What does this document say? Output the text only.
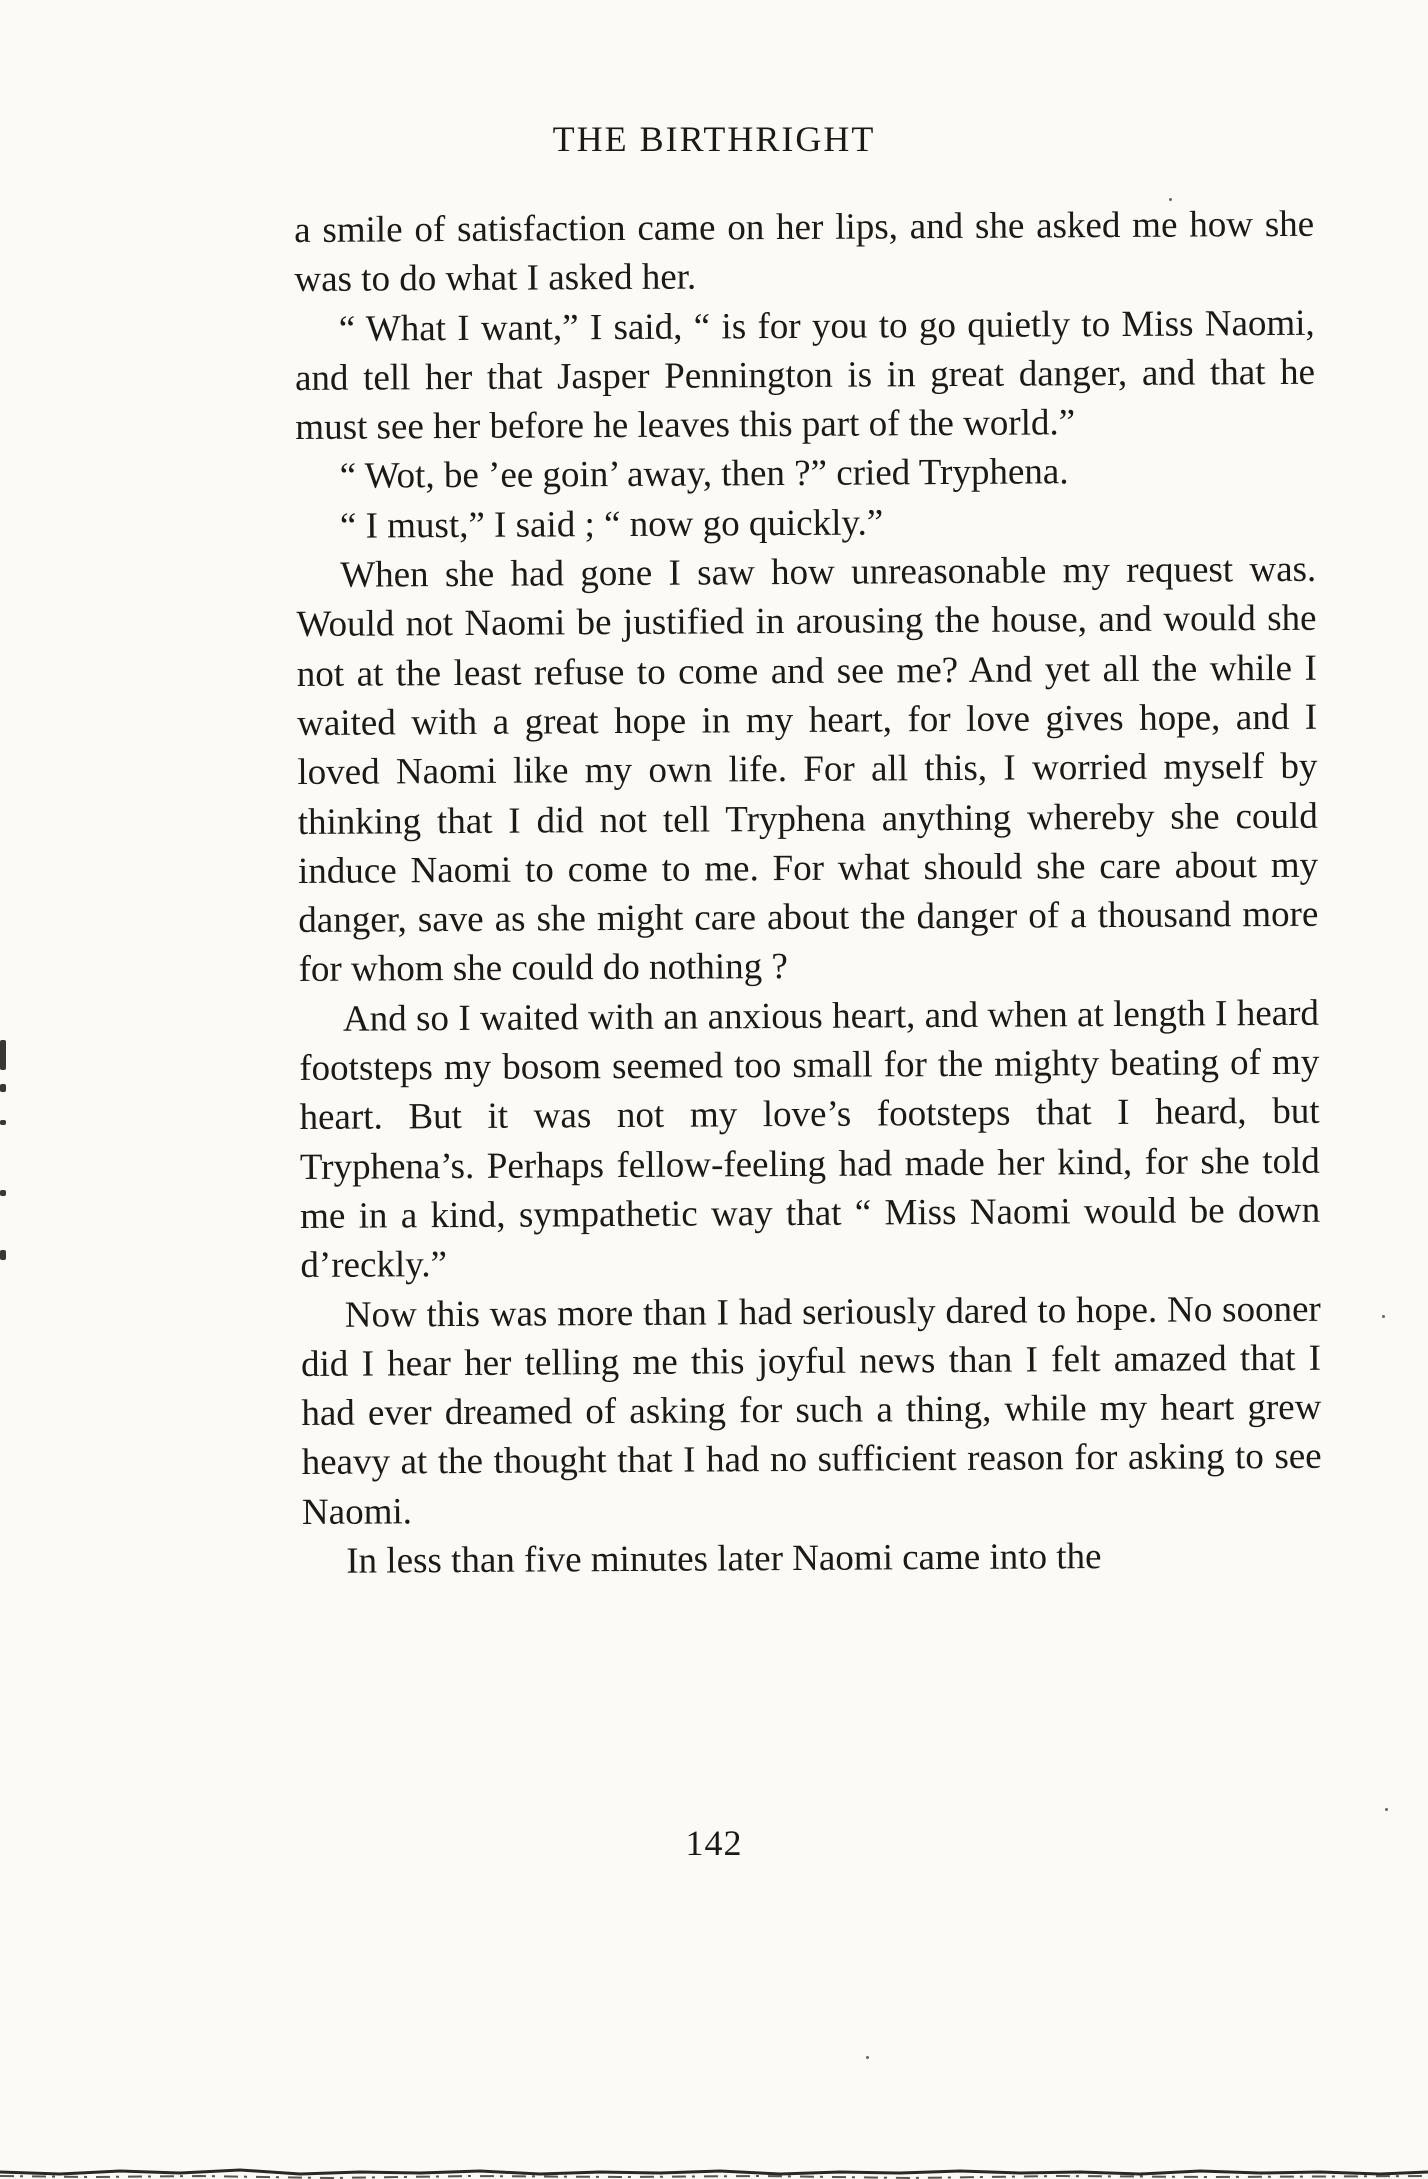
THE BIRTHRIGHT

a smile of satisfaction came on her lips, and she asked me how she was to do what I asked her.

“ What I want,” I said, “ is for you to go quietly to Miss Naomi, and tell her that Jasper Pennington is in great danger, and that he must see her before he leaves this part of the world.”

“ Wot, be ’ee goin’ away, then ?” cried Tryphena.

“ I must,” I said ; “ now go quickly.”

When she had gone I saw how unreasonable my request was. Would not Naomi be justified in arousing the house, and would she not at the least refuse to come and see me? And yet all the while I waited with a great hope in my heart, for love gives hope, and I loved Naomi like my own life. For all this, I worried myself by thinking that I did not tell Tryphena anything whereby she could induce Naomi to come to me. For what should she care about my danger, save as she might care about the danger of a thousand more for whom she could do nothing ?

And so I waited with an anxious heart, and when at length I heard footsteps my bosom seemed too small for the mighty beating of my heart. But it was not my love’s footsteps that I heard, but Tryphena’s. Perhaps fellow-feeling had made her kind, for she told me in a kind, sympathetic way that “ Miss Naomi would be down d’reckly.”

Now this was more than I had seriously dared to hope. No sooner did I hear her telling me this joyful news than I felt amazed that I had ever dreamed of asking for such a thing, while my heart grew heavy at the thought that I had no sufficient reason for asking to see Naomi.

In less than five minutes later Naomi came into the

142
